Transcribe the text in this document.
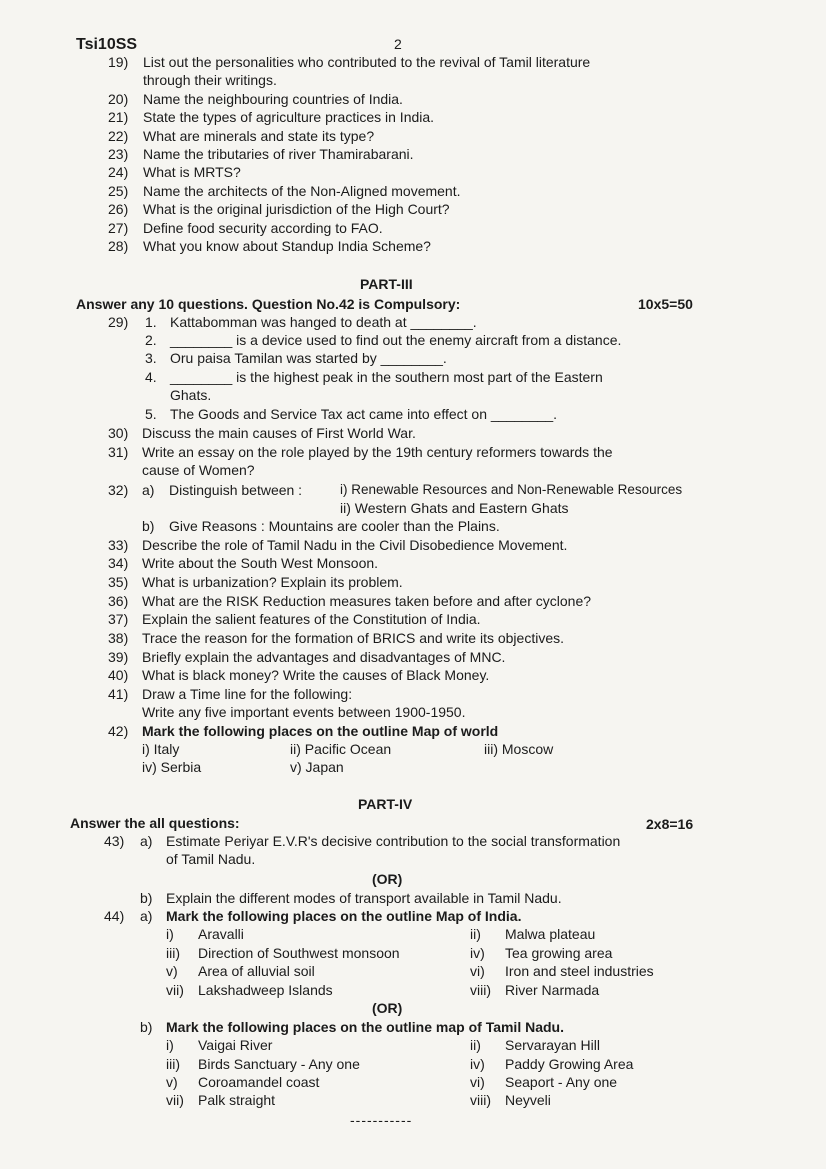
Tsi10SS	2
19) List out the personalities who contributed to the revival of Tamil literature
through their writings.
20) Name the neighbouring countries of India.
21) State the types of agriculture practices in India.
22) What are minerals and state its type?
23) Name the tributaries of river Thamirabarani.
24) What is MRTS?
25) Name the architects of the Non-Aligned movement.
26) What is the original jurisdiction of the High Court?
27) Define food security according to FAO.
28) What you know about Standup India Scheme?
PART-III
Answer any 10 questions. Question No.42 is Compulsory:	10x5=50
29) 1. Kattabomman was hanged to death at ________.
2. ________ is a device used to find out the enemy aircraft from a distance.
3. Oru paisa Tamilan was started by ________.
4. ________ is the highest peak in the southern most part of the Eastern
Ghats.
5. The Goods and Service Tax act came into effect on ________.
30) Discuss the main causes of First World War.
31) Write an essay on the role played by the 19th century reformers towards the
cause of Women?
32) a) Distinguish between :	i) Renewable Resources and Non-Renewable Resources
ii) Western Ghats and Eastern Ghats
b) Give Reasons : Mountains are cooler than the Plains.
33) Describe the role of Tamil Nadu in the Civil Disobedience Movement.
34) Write about the South West Monsoon.
35) What is urbanization? Explain its problem.
36) What are the RISK Reduction measures taken before and after cyclone?
37) Explain the salient features of the Constitution of India.
38) Trace the reason for the formation of BRICS and write its objectives.
39) Briefly explain the advantages and disadvantages of MNC.
40) What is black money? Write the causes of Black Money.
41) Draw a Time line for the following:
Write any five important events between 1900-1950.
42) Mark the following places on the outline Map of world
i) Italy	ii) Pacific Ocean	iii) Moscow
iv) Serbia	v) Japan
PART-IV
Answer the all questions:	2x8=16
43) a) Estimate Periyar E.V.R's decisive contribution to the social transformation
of Tamil Nadu.
(OR)
b) Explain the different modes of transport available in Tamil Nadu.
44) a) Mark the following places on the outline Map of India.
i) Aravalli	ii) Malwa plateau
iii) Direction of Southwest monsoon	iv) Tea growing area
v) Area of alluvial soil	vi) Iron and steel industries
vii) Lakshadweep Islands	viii) River Narmada
(OR)
b) Mark the following places on the outline map of Tamil Nadu.
i) Vaigai River	ii) Servarayan Hill
iii) Birds Sanctuary - Any one	iv) Paddy Growing Area
v) Coroamandel coast	vi) Seaport - Any one
vii) Palk straight	viii) Neyveli
-----------
